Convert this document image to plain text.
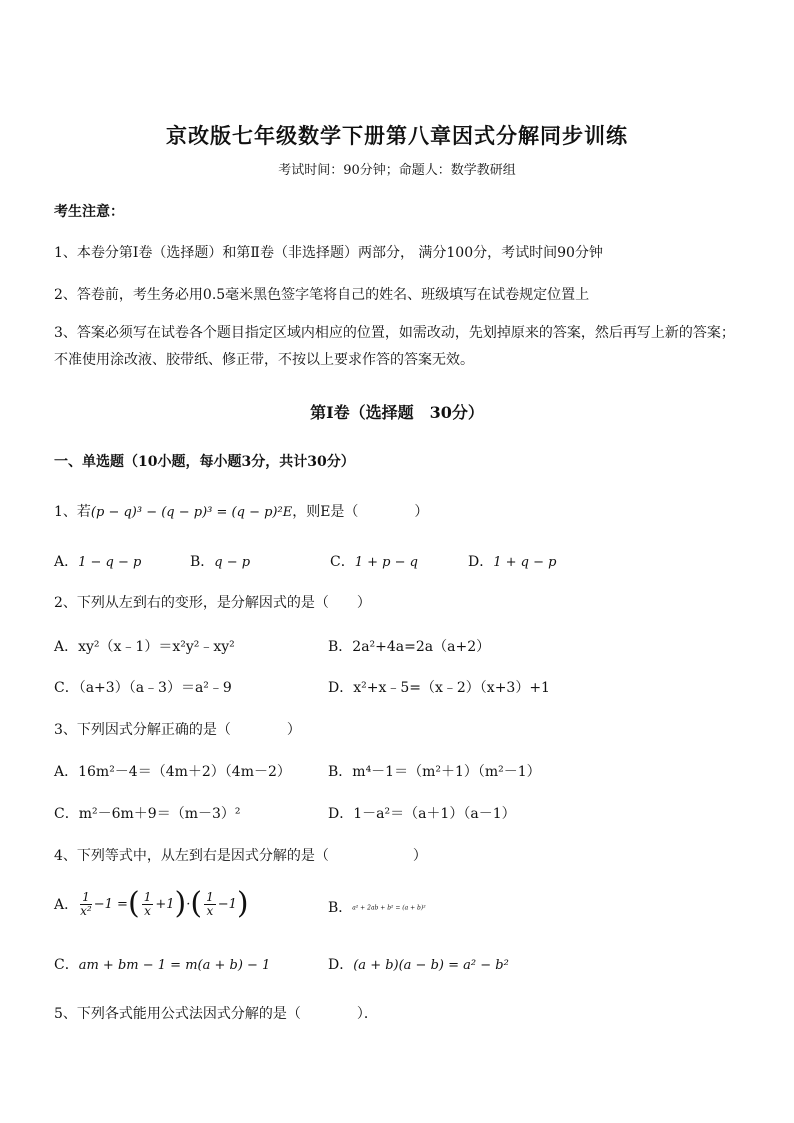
京改版七年级数学下册第八章因式分解同步训练
考试时间：90分钟；命题人：数学教研组
考生注意：
1、本卷分第Ⅰ卷（选择题）和第Ⅱ卷（非选择题）两部分， 满分100分，考试时间90分钟
2、答卷前，考生务必用0.5毫米黑色签字笔将自己的姓名、班级填写在试卷规定位置上
3、答案必须写在试卷各个题目指定区域内相应的位置，如需改动，先划掉原来的答案，然后再写上新的答案；不准使用涂改液、胶带纸、修正带，不按以上要求作答的答案无效。
第Ⅰ卷（选择题　30分）
一、单选题（10小题，每小题3分，共计30分）
1、若(p − q)³ − (q − p)³ = (q − p)²E，则E是（　　　　）
A．1 − q − p	B．q − p	C．1 + p − q	D．1 + q − p
2、下列从左到右的变形，是分解因式的是（　　）
A．xy²（x﹣1）＝x²y²﹣xy²	B．2a²+4a=2a（a+2）
C．（a+3）（a﹣3）＝a²﹣9	D．x²+x﹣5=（x﹣2）（x+3）+1
3、下列因式分解正确的是（　　　　）
A．16m²－4＝（4m＋2）（4m－2）	B．m⁴－1＝（m²＋1）（m²－1）
C．m²－6m＋9＝（m－3）²	D．1－a²＝（a＋1）（a－1）
4、下列等式中，从左到右是因式分解的是（　　　　　　）
A． $\frac{1}{\text{x²}} -1$ = ( $\frac{1}{x} +1$ ) · ( $\frac{1}{x} -1$ )	B．a² + 2ab + b² = (a + b)²
C．am + bm − 1 = m(a + b) − 1	D．(a + b)(a − b) = a² − b²
5、下列各式能用公式法因式分解的是（　　　　）．
